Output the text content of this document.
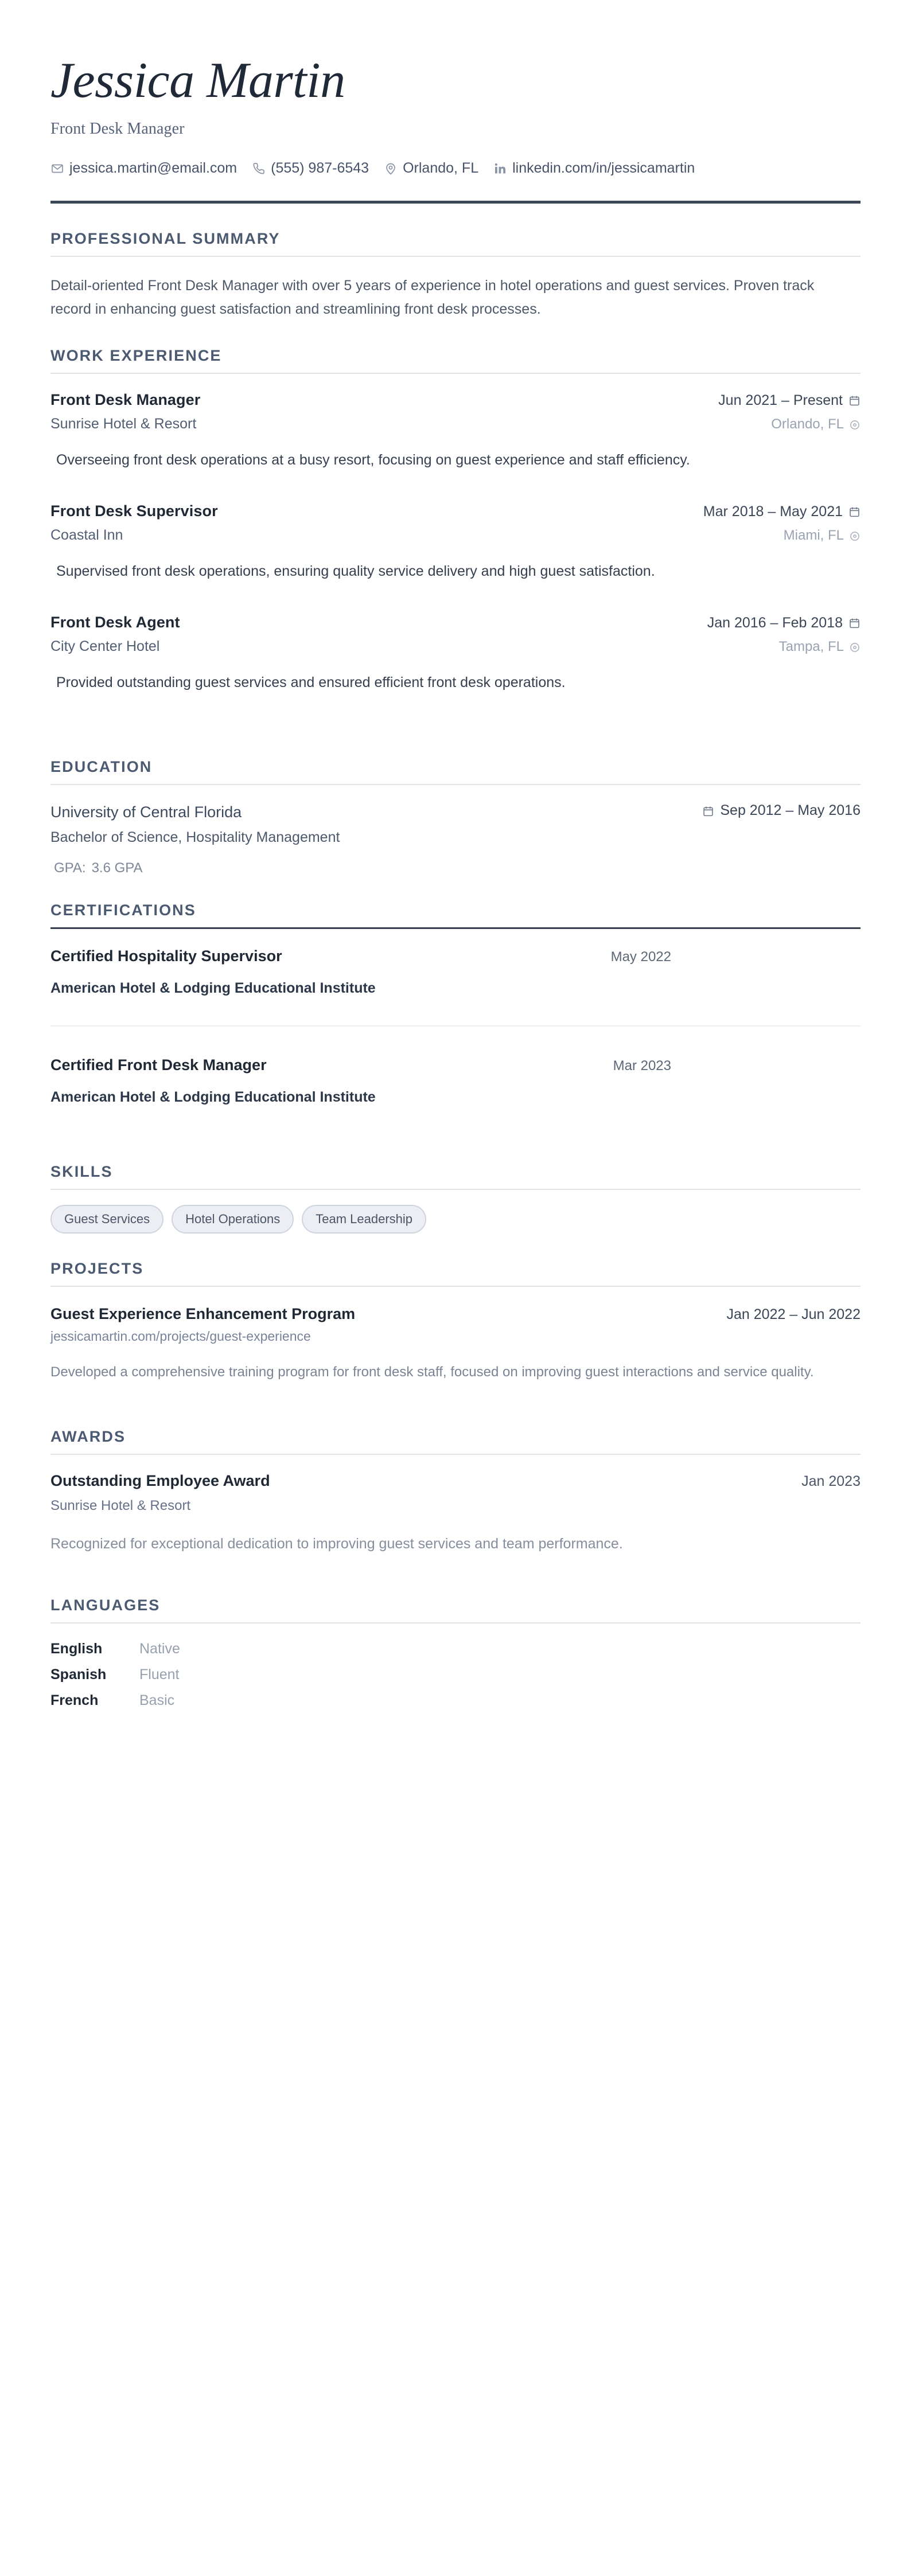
Jessica Martin
Front Desk Manager
jessica.martin@email.com (555) 987-6543 Orlando, FL linkedin.com/in/jessicamartin
PROFESSIONAL SUMMARY
Detail-oriented Front Desk Manager with over 5 years of experience in hotel operations and guest services. Proven track record in enhancing guest satisfaction and streamlining front desk processes.
WORK EXPERIENCE
Front Desk Manager	Jun 2021 – Present
Sunrise Hotel & Resort	Orlando, FL
Overseeing front desk operations at a busy resort, focusing on guest experience and staff efficiency.
Front Desk Supervisor	Mar 2018 – May 2021
Coastal Inn	Miami, FL
Supervised front desk operations, ensuring quality service delivery and high guest satisfaction.
Front Desk Agent	Jan 2016 – Feb 2018
City Center Hotel	Tampa, FL
Provided outstanding guest services and ensured efficient front desk operations.
EDUCATION
University of Central Florida	Sep 2012 – May 2016
Bachelor of Science, Hospitality Management
GPA: 3.6 GPA
CERTIFICATIONS
Certified Hospitality Supervisor	May 2022
American Hotel & Lodging Educational Institute
Certified Front Desk Manager	Mar 2023
American Hotel & Lodging Educational Institute
SKILLS
Guest Services	Hotel Operations	Team Leadership
PROJECTS
Guest Experience Enhancement Program	Jan 2022 – Jun 2022
jessicamartin.com/projects/guest-experience
Developed a comprehensive training program for front desk staff, focused on improving guest interactions and service quality.
AWARDS
Outstanding Employee Award	Jan 2023
Sunrise Hotel & Resort
Recognized for exceptional dedication to improving guest services and team performance.
LANGUAGES
English	Native
Spanish	Fluent
French	Basic
